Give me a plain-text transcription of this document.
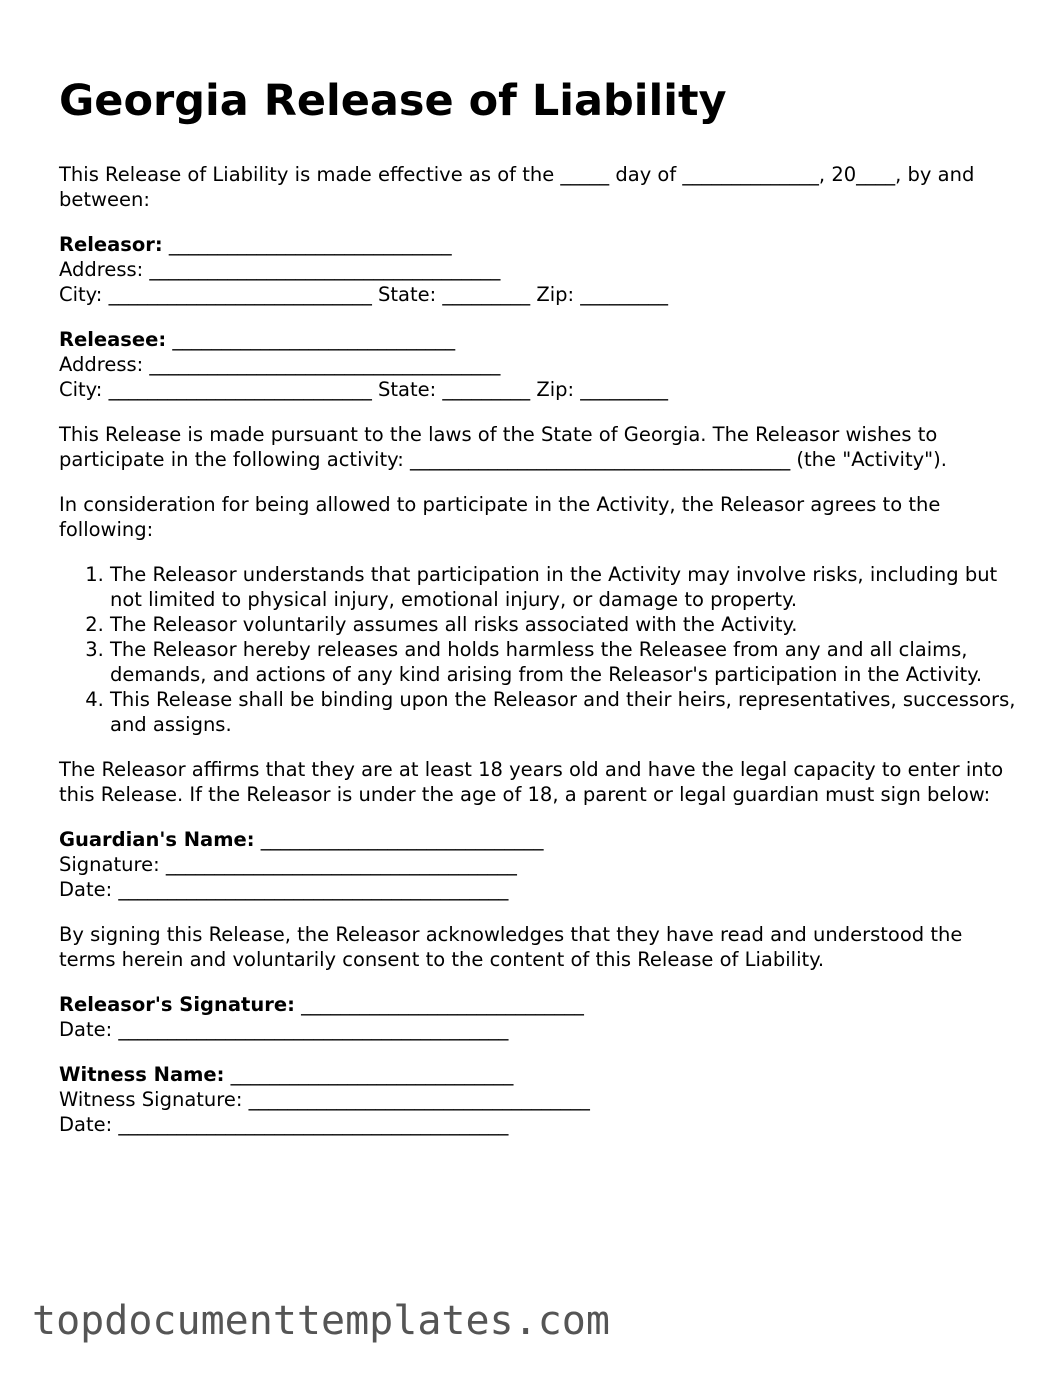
Georgia Release of Liability

This Release of Liability is made effective as of the _____ day of ______________, 20____, by and between:

Releasor: _____________________________
Address: ____________________________________
City: ___________________________ State: _________ Zip: _________
Releasee: _____________________________
Address: ____________________________________
City: ___________________________ State: _________ Zip: _________

This Release is made pursuant to the laws of the State of Georgia. The Releasor wishes to participate in the following activity: _______________________________________ (the "Activity").

In consideration for being allowed to participate in the Activity, the Releasor agrees to the following:

1. The Releasor understands that participation in the Activity may involve risks, including but not limited to physical injury, emotional injury, or damage to property.
2. The Releasor voluntarily assumes all risks associated with the Activity.
3. The Releasor hereby releases and holds harmless the Releasee from any and all claims, demands, and actions of any kind arising from the Releasor's participation in the Activity.
4. This Release shall be binding upon the Releasor and their heirs, representatives, successors, and assigns.

The Releasor affirms that they are at least 18 years old and have the legal capacity to enter into this Release. If the Releasor is under the age of 18, a parent or legal guardian must sign below:

Guardian's Name: _____________________________
Signature: ____________________________________
Date: ________________________________________

By signing this Release, the Releasor acknowledges that they have read and understood the terms herein and voluntarily consent to the content of this Release of Liability.

Releasor's Signature: _____________________________
Date: ________________________________________
Witness Name: _____________________________
Witness Signature: ___________________________________
Date: ________________________________________
topdocumenttemplates.com
